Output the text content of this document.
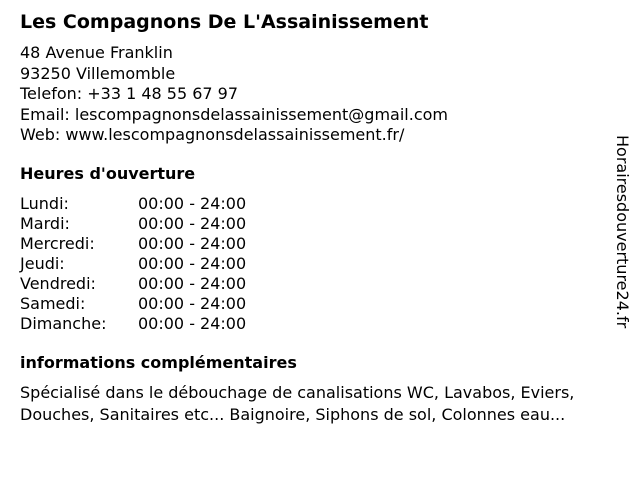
Les Compagnons De L'Assainissement
48 Avenue Franklin
93250 Villemomble
Telefon: +33 1 48 55 67 97
Email: lescompagnonsdelassainissement@gmail.com
Web: www.lescompagnonsdelassainissement.fr/
Heures d'ouverture
Lundi:	00:00 - 24:00
Mardi:	00:00 - 24:00
Mercredi:	00:00 - 24:00
Jeudi:	00:00 - 24:00
Vendredi:	00:00 - 24:00
Samedi:	00:00 - 24:00
Dimanche:	00:00 - 24:00
informations complémentaires
Spécialisé dans le débouchage de canalisations WC, Lavabos, Eviers, Douches, Sanitaires etc... Baignoire, Siphons de sol, Colonnes eau...
Horairesdouverture24.fr
